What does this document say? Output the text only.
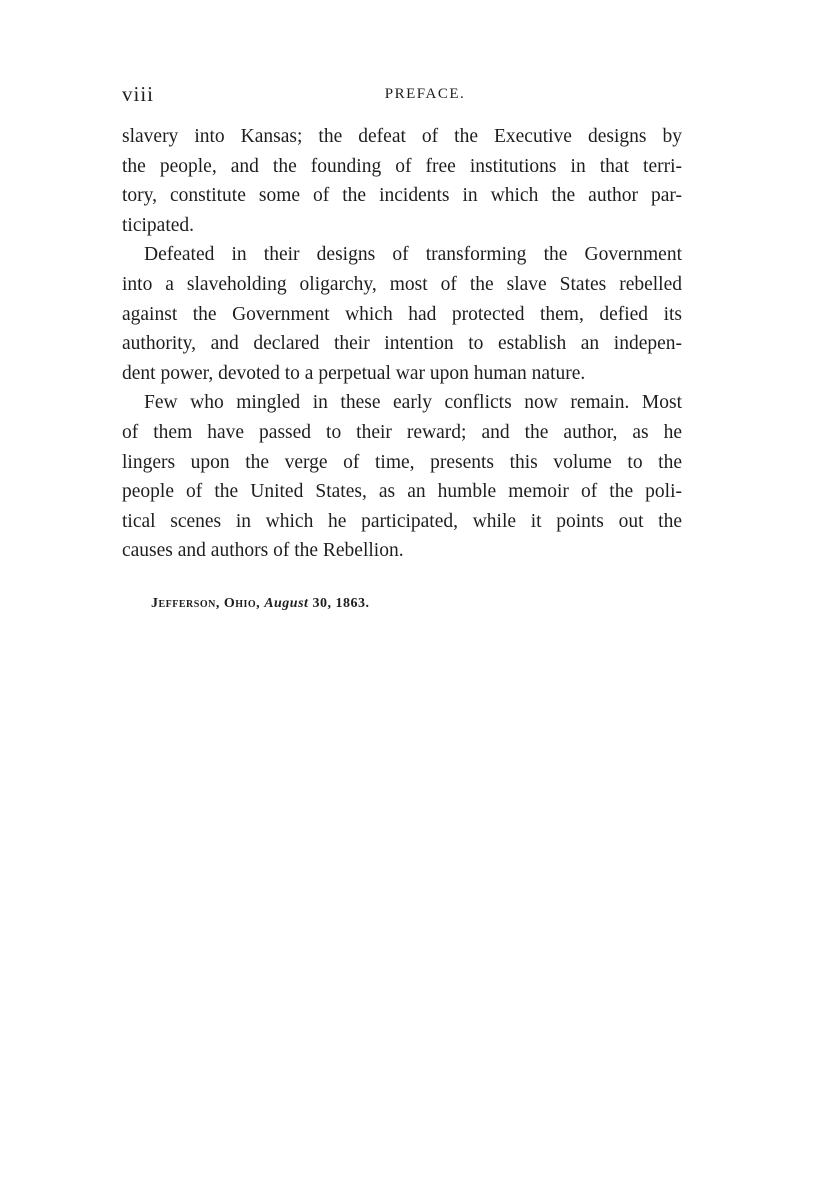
viii	PREFACE.
slavery into Kansas; the defeat of the Executive designs by
the people, and the founding of free institutions in that terri-
tory, constitute some of the incidents in which the author par-
ticipated.
Defeated in their designs of transforming the Government
into a slaveholding oligarchy, most of the slave States rebelled
against the Government which had protected them, defied its
authority, and declared their intention to establish an indepen-
dent power, devoted to a perpetual war upon human nature.
Few who mingled in these early conflicts now remain. Most
of them have passed to their reward; and the author, as he
lingers upon the verge of time, presents this volume to the
people of the United States, as an humble memoir of the poli-
tical scenes in which he participated, while it points out the
causes and authors of the Rebellion.
Jefferson, Ohio, August 30, 1863.
